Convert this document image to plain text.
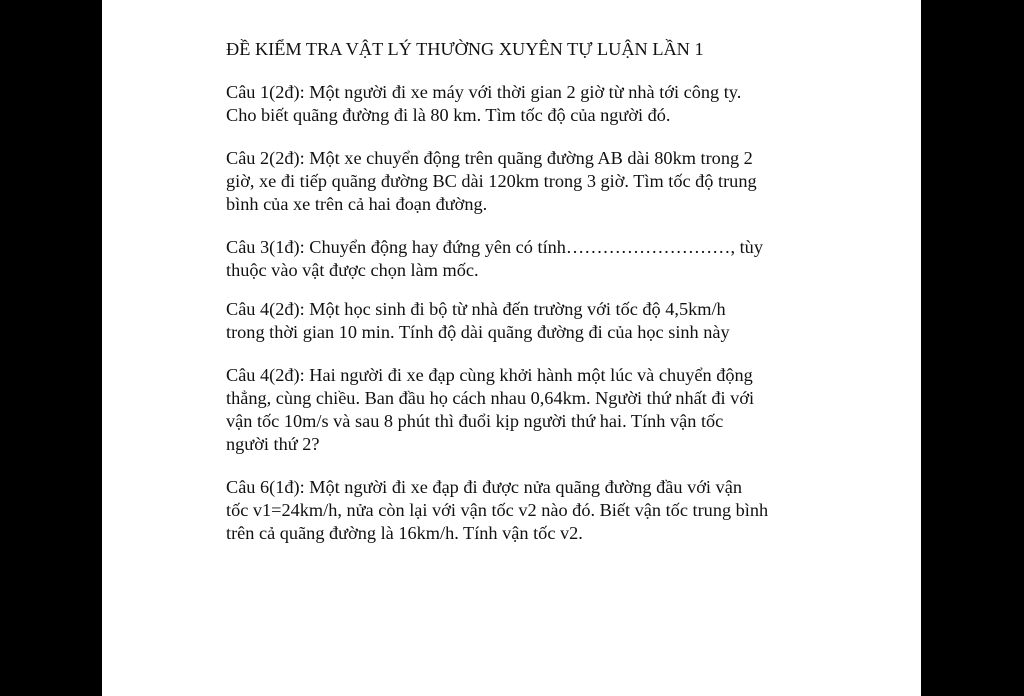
ĐỀ KIỂM TRA VẬT LÝ THƯỜNG XUYÊN TỰ LUẬN LẦN 1
Câu 1(2đ): Một người đi xe máy với thời gian 2 giờ từ nhà tới công ty.
Cho biết quãng đường đi là 80 km. Tìm tốc độ của người đó.
Câu 2(2đ): Một xe chuyển động trên quãng đường AB dài 80km trong 2
giờ, xe đi tiếp quãng đường BC dài 120km trong 3 giờ. Tìm tốc độ trung
bình của xe trên cả hai đoạn đường.
Câu 3(1đ): Chuyển động hay đứng yên có tính………………………, tùy
thuộc vào vật được chọn làm mốc.
Câu 4(2đ): Một học sinh đi bộ từ nhà đến trường với tốc độ 4,5km/h
trong thời gian 10 min. Tính độ dài quãng đường đi của học sinh này
Câu 4(2đ): Hai người đi xe đạp cùng khởi hành một lúc và chuyển động
thẳng, cùng chiều. Ban đầu họ cách nhau 0,64km. Người thứ nhất đi với
vận tốc 10m/s và sau 8 phút thì đuổi kịp người thứ hai. Tính vận tốc
người thứ 2?
Câu 6(1đ): Một người đi xe đạp đi được nửa quãng đường đầu với vận
tốc v1=24km/h, nửa còn lại với vận tốc v2 nào đó. Biết vận tốc trung bình
trên cả quãng đường là 16km/h. Tính vận tốc v2.
